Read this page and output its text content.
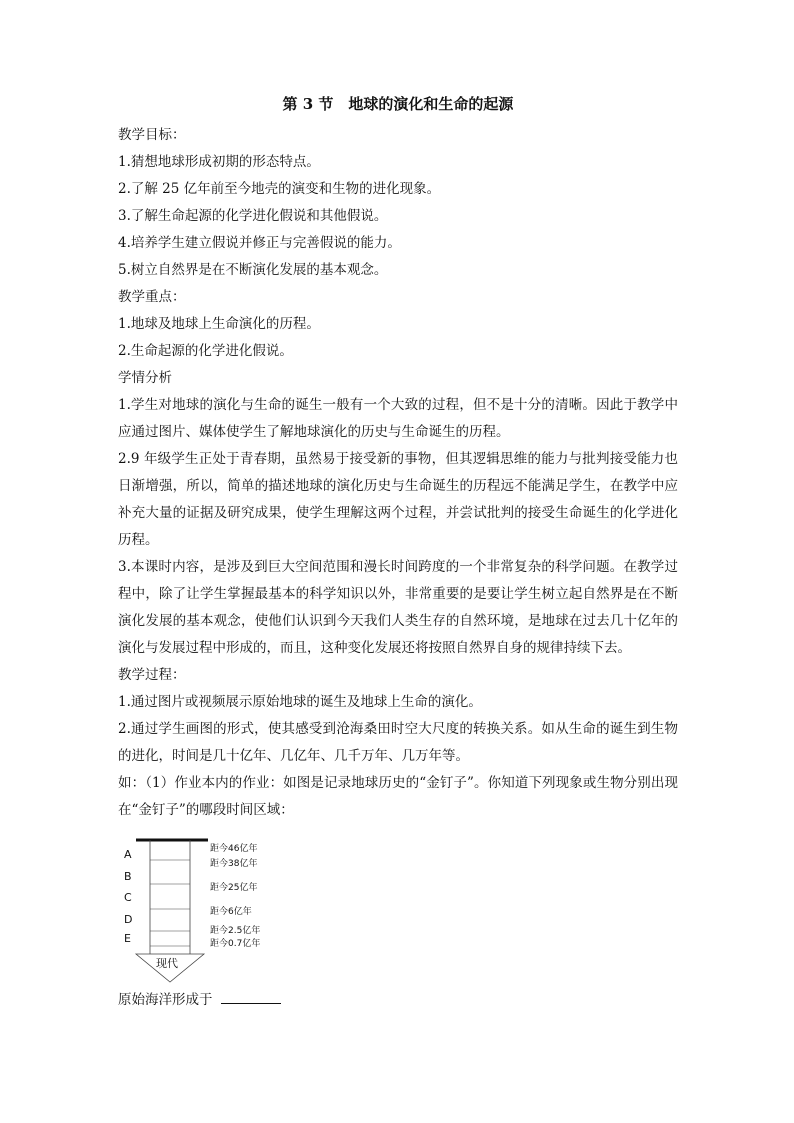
第 3 节　地球的演化和生命的起源

教学目标：

1.猜想地球形成初期的形态特点。

2.了解 25 亿年前至今地壳的演变和生物的进化现象。

3.了解生命起源的化学进化假说和其他假说。

4.培养学生建立假说并修正与完善假说的能力。

5.树立自然界是在不断演化发展的基本观念。

教学重点：

1.地球及地球上生命演化的历程。

2.生命起源的化学进化假说。

学情分析

1.学生对地球的演化与生命的诞生一般有一个大致的过程，但不是十分的清晰。因此于教学中应通过图片、媒体使学生了解地球演化的历史与生命诞生的历程。

2.9 年级学生正处于青春期，虽然易于接受新的事物，但其逻辑思维的能力与批判接受能力也日渐增强，所以，简单的描述地球的演化历史与生命诞生的历程远不能满足学生，在教学中应补充大量的证据及研究成果，使学生理解这两个过程，并尝试批判的接受生命诞生的化学进化历程。

3.本课时内容，是涉及到巨大空间范围和漫长时间跨度的一个非常复杂的科学问题。在教学过程中，除了让学生掌握最基本的科学知识以外，非常重要的是要让学生树立起自然界是在不断演化发展的基本观念，使他们认识到今天我们人类生存的自然环境，是地球在过去几十亿年的演化与发展过程中形成的，而且，这种变化发展还将按照自然界自身的规律持续下去。

教学过程：

1.通过图片或视频展示原始地球的诞生及地球上生命的演化。

2.通过学生画图的形式，使其感受到沧海桑田时空大尺度的转换关系。如从生命的诞生到生物的进化，时间是几十亿年、几亿年、几千万年、几万年等。

如：（1）作业本内的作业：如图是记录地球历史的“金钉子”。你知道下列现象或生物分别出现在“金钉子”的哪段时间区域：

现代
A
B
C
D
E
距今46亿年
距今38亿年
距今25亿年
距今6亿年
距今2.5亿年
距今0.7亿年
原始海洋形成于
